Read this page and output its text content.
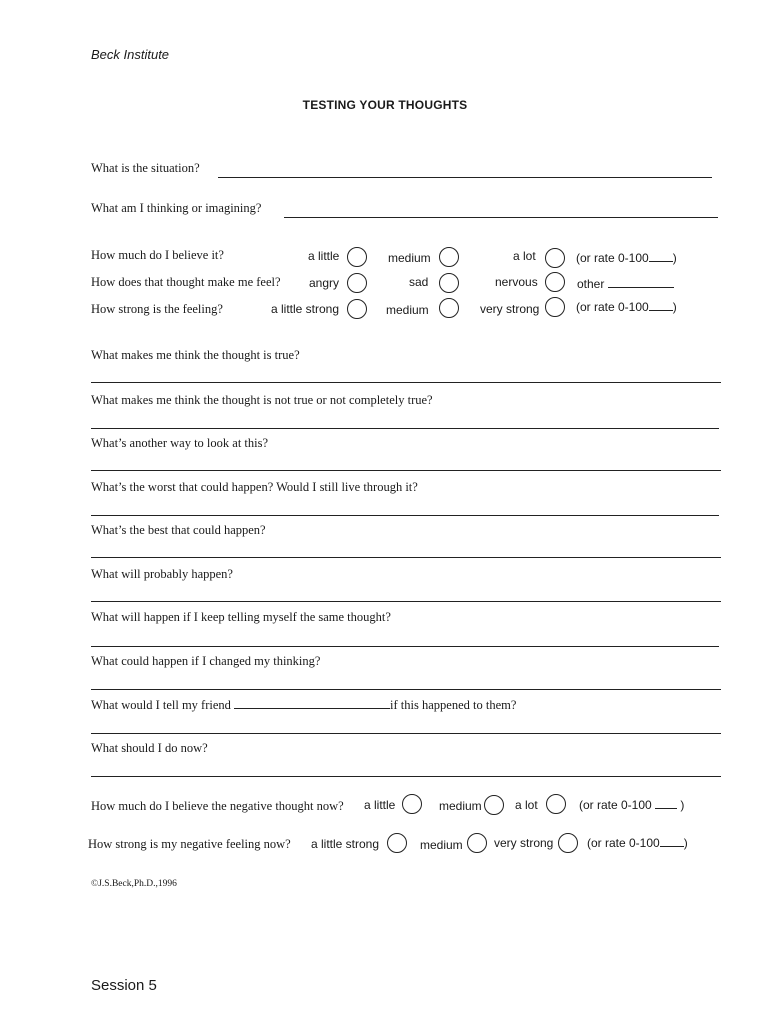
Beck Institute
TESTING YOUR THOUGHTS
What is the situation?
What am I thinking or imagining?
How much do I believe it?	a little	medium	a lot	(or rate 0-100 )
How does that thought make me feel? angry	sad	nervous	other
How strong is the feeling?	a little strong	medium	very strong	(or rate 0-100 )
What makes me think the thought is true?
What makes me think the thought is not true or not completely true?
What’s another way to look at this?
What’s the worst that could happen? Would I still live through it?
What’s the best that could happen?
What will probably happen?
What will happen if I keep telling myself the same thought?
What could happen if I changed my thinking?
What would I tell my friend	if this happened to them?
What should I do now?
How much do I believe the negative thought now? a little	medium	a lot	(or rate 0-100 )
How strong is my negative feeling now? a little strong	medium	very strong	(or rate 0-100 )
©J.S.Beck,Ph.D.,1996
Session 5
